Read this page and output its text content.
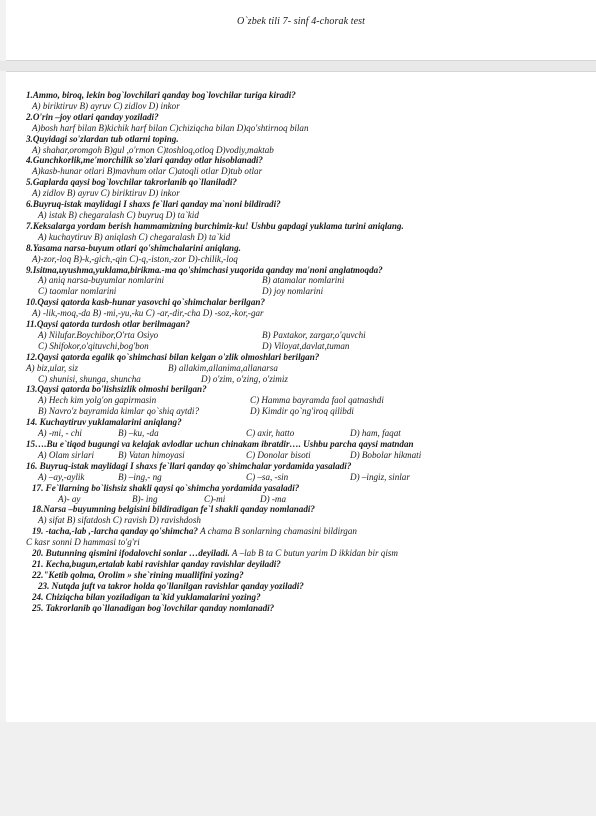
O`zbek tili 7- sinf 4-chorak test
1.Ammo, biroq, lekin bog`lovchilari qanday bog`lovchilar turiga kiradi?
A) biriktiruv B) ayruv C) zidlov D) inkor
2.O'rin –joy otlari qanday yoziladi?
A)bosh harf bilan B)kichik harf bilan C)chiziqcha bilan D)qo'shtirnoq bilan
3.Quyidagi so'zlardan tub otlarni toping.
A) shahar,oromgoh B)gul ,o'rmon C)toshloq,otloq D)vodiy,maktab
4.Gunchkorlik,me'morchilik so'zlari qanday otlar hisoblanadi?
A)kasb-hunar otlari B)mavhum otlar C)atoqli otlar D)tub otlar
5.Gaplarda qaysi bog`lovchilar takrorlanib qo`llaniladi?
A) zidlov B) ayruv C) biriktiruv D) inkor
6.Buyruq-istak maylidagi I shaxs fe`llari qanday ma`noni bildiradi?
A) istak B) chegaralash C) buyruq D) ta`kid
7.Keksalarga yordam berish hammamizning burchimiz-ku! Ushbu gapdagi yuklama turini aniqlang.
A) kuchaytiruv B) aniqlash C) chegaralash D) ta`kid
8.Yasama narsa-buyum otlari qo'shimchalarini aniqlang.
A)-zor,-loq B)-k,-gich,-qin C)-q,-iston,-zor D)-chilik,-loq
9.Isitma,uyushma,yuklama,birikma.-ma qo'shimchasi yuqorida qanday ma'noni anglatmoqda?
A) aniq narsa-buyumlar nomlarini	B) atamalar nomlarini
C) taomlar nomlarini	D) joy nomlarini
10.Qaysi qatorda kasb-hunar yasovchi qo`shimchalar berilgan?
A) -lik,-moq,-da B) -mi,-yu,-ku C) -ar,-dir,-cha D) -soz,-kor,-gar
11.Qaysi qatorda turdosh otlar berilmagan?
A) Nilufar.Boychibor,O'rta Osiyo	B) Paxtakor, zargar,o'quvchi
C) Shifokor,o'qituvchi,bog'bon	D) Viloyat,davlat,tuman
12.Qaysi qatorda egalik qo`shimchasi bilan kelgan o'zlik olmoshlari berilgan?
A) biz,ular, siz	B) allakim,allanima,allanarsa
C) shunisi, shunga, shuncha	D) o'zim, o'zing, o'zimiz
13.Qaysi qatorda bo'lishsizlik olmoshi berilgan?
A) Hech kim yolg'on gapirmasin	C) Hamma bayramda faol qatnashdi
B) Navro'z bayramida kimlar qo`shiq aytdi?	D) Kimdir qo`ng'iroq qilibdi
14. Kuchaytiruv yuklamalarini aniqlang?
A) -mi, - chi	B) –ku, -da	C) axir, hatto	D) ham, faqat
15….Bu e`tiqod bugungi va kelajak avlodlar uchun chinakam ibratdir…. Ushbu parcha qaysi matndan
A) Olam sirlari	B) Vatan himoyasi	C) Donolar bisoti	D) Bobolar hikmati
16. Buyruq-istak maylidagi I shaxs fe`llari qanday qo`shimchalar yordamida yasaladi?
A) –ay,-aylik	B) –ing,- ng	C) –sa, -sin	D) –ingiz, sinlar
17. Fe`llarning bo`lishsiz shakli qaysi qo`shimcha yordamida yasaladi?
A)- ay	B)- ing	C)-mi	D) -ma
18.Narsa –buyumning belgisini bildiradigan fe`l shakli qanday nomlanadi?
A) sifat B) sifatdosh C) ravish D) ravishdosh
19. -tacha,-lab ,-larcha qanday qo'shimcha? A chama B sonlarning chamasini bildirgan
C kasr sonni D hammasi to'g'ri
20. Butunning qismini ifodalovchi sonlar …deyiladi. A –lab B ta C butun yarim D ikkidan bir qism
21. Kecha,bugun,ertalab kabi ravishlar qanday ravishlar deyiladi?
22."Ketib qolma, Orolim » she`rining muallifini yozing?
23. Nutqda juft va takror holda qo'llanilgan ravishlar qanday yoziladi?
24. Chiziqcha bilan yoziladigan ta`kid yuklamalarini yozing?
25. Takrorlanib qo`llanadigan bog`lovchilar qanday nomlanadi?
